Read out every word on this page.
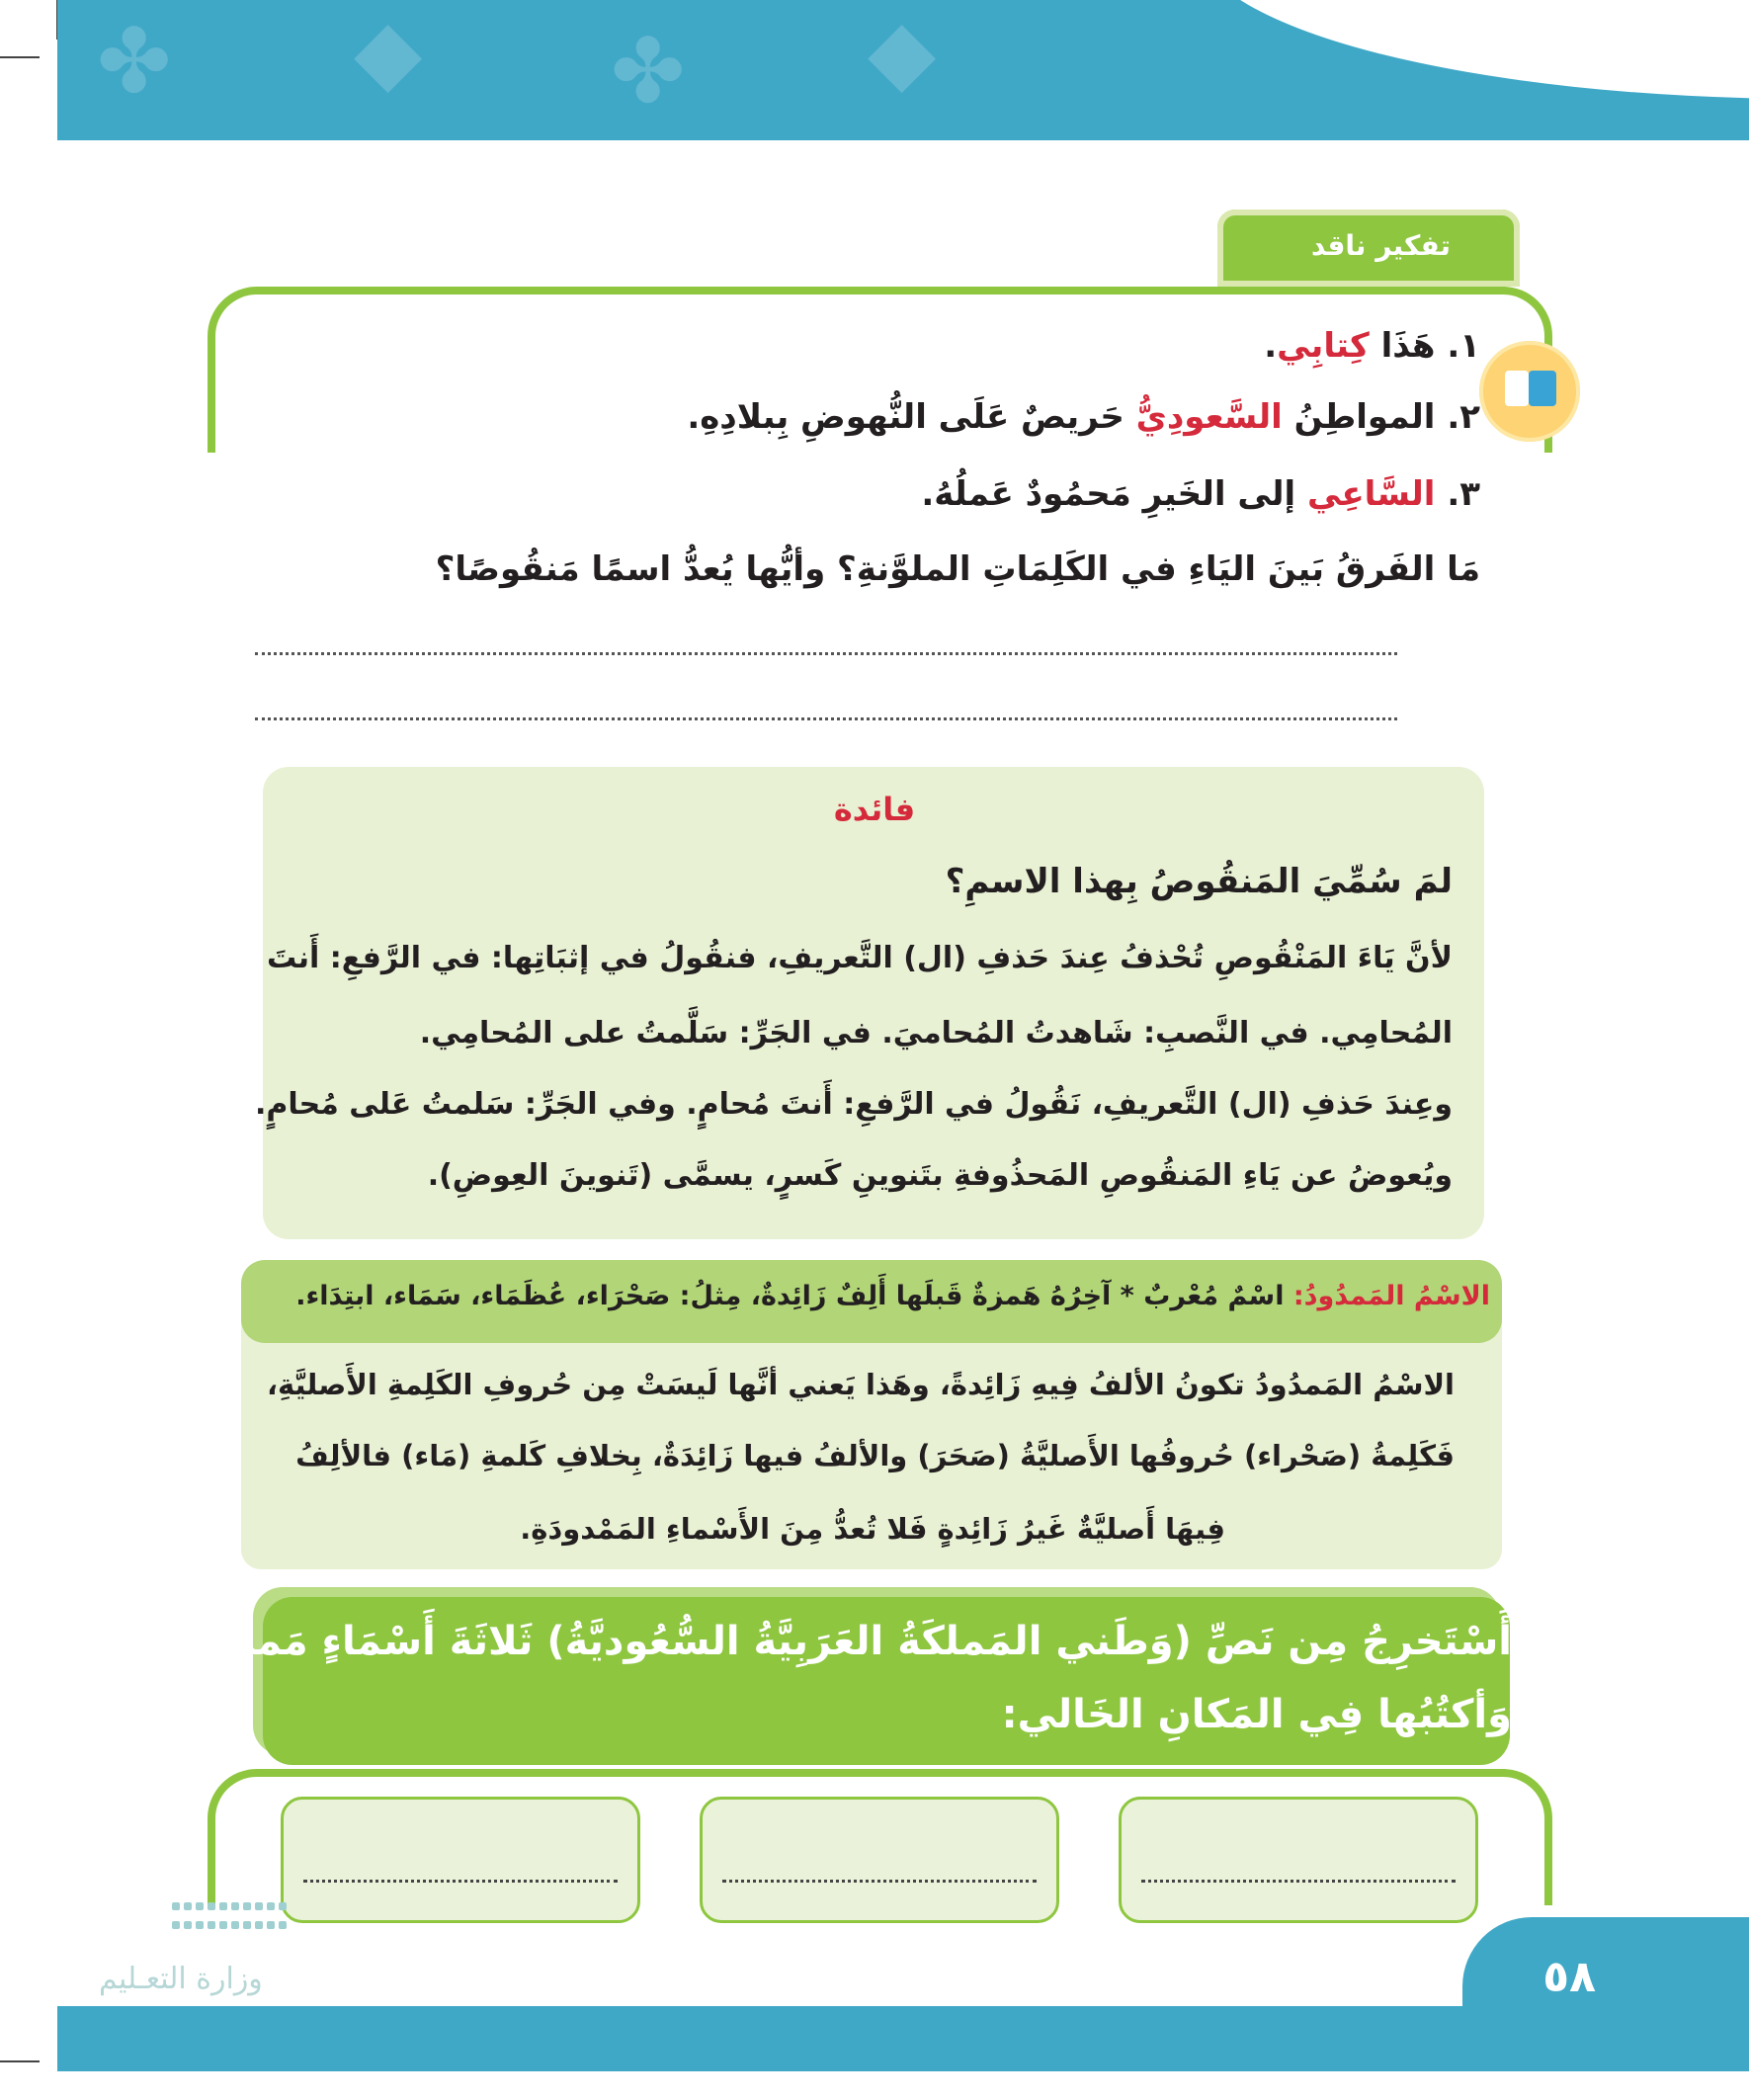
✤ ◆ ✤ ◆
تفكير ناقد
١. هَذَا كِتابِي.
٢. المواطِنُ السَّعودِيُّ حَريصٌ عَلَى النُّهوضِ بِبلادِهِ.
٣. السَّاعِي إلى الخَيرِ مَحمُودٌ عَملُهُ.
مَا الفَرقُ بَينَ اليَاءِ في الكَلِمَاتِ الملوَّنةِ؟ وأيُّها يُعدُّ اسمًا مَنقُوصًا؟
فائدة
لمَ سُمِّيَ المَنقُوصُ بِهذا الاسمِ؟
لأنَّ يَاءَ المَنْقُوصِ تُحْذفُ عِندَ حَذفِ (ال) التَّعريفِ، فنقُولُ في إثبَاتِها: في الرَّفعِ: أَنتَ
المُحامِي. في النَّصبِ: شَاهدتُ المُحاميَ. في الجَرِّ: سَلَّمتُ على المُحامِي.
وعِندَ حَذفِ (ال) التَّعريفِ، نَقُولُ في الرَّفعِ: أَنتَ مُحامٍ. وفي الجَرِّ: سَلمتُ عَلى مُحامٍ.
ويُعوضُ عن يَاءِ المَنقُوصِ المَحذُوفةِ بتَنوينِ كَسرٍ، يسمَّى (تَنوينَ العِوضِ).
الاسْمُ المَمدُودُ: اسْمٌ مُعْربٌ * آخِرُهُ هَمزةٌ قَبلَها أَلِفٌ زَائِدةٌ، مِثلُ: صَحْرَاء، عُظَمَاء، سَمَاء، ابتِدَاء.
الاسْمُ المَمدُودُ تكونُ الألفُ فِيهِ زَائِدةً، وهَذا يَعني أنَّها لَيسَتْ مِن حُروفِ الكَلِمةِ الأَصليَّةِ،
فَكَلِمةُ (صَحْراء) حُروفُها الأَصليَّةُ (صَحَرَ) والألفُ فيها زَائِدَةٌ، بِخلافِ كَلمةِ (مَاء) فالألِفُ
فِيهَا أَصليَّةٌ غَيرُ زَائِدةٍ فَلا تُعدُّ مِنَ الأَسْماءِ المَمْدودَةِ.
أَسْتَخرِجُ مِن نَصِّ (وَطَني المَملكَةُ العَرَبِيَّةُ السُّعُوديَّةُ) ثَلاثَةَ أَسْمَاءٍ مَمدُودَةٍ،
وَأكتُبُها فِي المَكانِ الخَالي:
٥٨

وزارة التعـليم
